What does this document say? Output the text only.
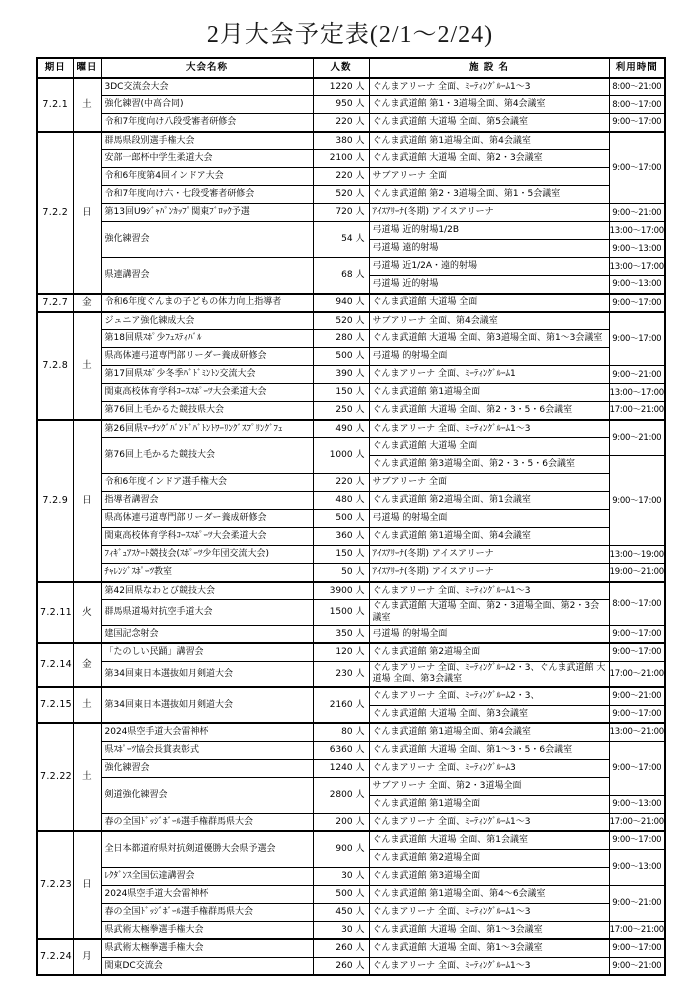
2月大会予定表(2/1～2/24)
期日	曜日	大会名称	人数	施 設 名	利用時間
7.2.1	土	3DC交流会大会	1220 人	ぐんまアリーナ 全面、ﾐｰﾃｨﾝｸﾞﾙｰﾑ1～3	8:00～21:00
		強化練習(中高合同)	950 人	ぐんま武道館 第1・3道場全面、第4会議室	8:00～17:00
		令和7年度向け八段受審者研修会	220 人	ぐんま武道館 大道場 全面、第5会議室	9:00～17:00
7.2.2	日	群馬県段別選手権大会	380 人	ぐんま武道館 第1道場全面、第4会議室	9:00～17:00
		安部一郎杯中学生柔道大会	2100 人	ぐんま武道館 大道場 全面、第2・3会議室	
		令和6年度第4回インドア大会	220 人	サブアリーナ 全面	
		令和7年度向け六・七段受審者研修会	520 人	ぐんま武道館 第2・3道場全面、第1・5会議室	
		第13回U9ｼﾞｬﾊﾟﾝｶｯﾌﾟ関東ﾌﾞﾛｯｸ予選	720 人	ｱｲｽｱﾘｰﾅ(冬期) アイスアリーナ	9:00～21:00
		強化練習会	54 人	弓道場 近的射場1/2B	13:00～17:00
				弓道場 遠的射場	9:00～13:00
		県連講習会	68 人	弓道場 近1/2A・遠的射場	13:00～17:00
				弓道場 近的射場	9:00～13:00
7.2.7	金	令和6年度ぐんまの子どもの体力向上指導者	940 人	ぐんま武道館 大道場 全面	9:00～17:00
7.2.8	土	ジュニア強化練成大会	520 人	サブアリーナ 全面、第4会議室	9:00～17:00
		第18回県ｽﾎﾟ少ﾌｪｽﾃｨﾊﾞﾙ	280 人	ぐんま武道館 大道場 全面、第3道場全面、第1～3会議室	
		県高体連弓道専門部リーダー養成研修会	500 人	弓道場 的射場全面	
		第17回県ｽﾎﾟ少冬季ﾊﾞﾄﾞﾐﾝﾄﾝ交流大会	390 人	ぐんまアリーナ 全面、ﾐｰﾃｨﾝｸﾞﾙｰﾑ1	9:00～21:00
		関東高校体育学科ｺｰｽｽﾎﾟｰﾂ大会柔道大会	150 人	ぐんま武道館 第1道場全面	13:00～17:00
		第76回上毛かるた競技県大会	250 人	ぐんま武道館 大道場 全面、第2・3・5・6会議室	17:00～21:00
7.2.9	日	第26回県ﾏｰﾁﾝｸﾞﾊﾞﾝﾄﾞﾊﾞﾄﾝﾄﾜｰﾘﾝｸﾞｽﾌﾟﾘﾝｸﾞﾌｪ	490 人	ぐんまアリーナ 全面、ﾐｰﾃｨﾝｸﾞﾙｰﾑ1～3	9:00～21:00
		第76回上毛かるた競技大会	1000 人	ぐんま武道館 大道場 全面	
				ぐんま武道館 第3道場全面、第2・3・5・6会議室	9:00～17:00
		令和6年度インドア選手権大会	220 人	サブアリーナ 全面	
		指導者講習会	480 人	ぐんま武道館 第2道場全面、第1会議室	
		県高体連弓道専門部リーダー養成研修会	500 人	弓道場 的射場全面	
		関東高校体育学科ｺｰｽｽﾎﾟｰﾂ大会柔道大会	360 人	ぐんま武道館 第1道場全面、第4会議室	
		ﾌｨｷﾞｭｱｽｹｰﾄ競技会(ｽﾎﾟｰﾂ少年団交流大会)	150 人	ｱｲｽｱﾘｰﾅ(冬期) アイスアリーナ	13:00～19:00
		ﾁｬﾚﾝｼﾞｽﾎﾟｰﾂ教室	50 人	ｱｲｽｱﾘｰﾅ(冬期) アイスアリーナ	19:00～21:00
7.2.11	火	第42回県なわとび競技大会	3900 人	ぐんまアリーナ 全面、ﾐｰﾃｨﾝｸﾞﾙｰﾑ1～3	8:00～17:00
		群馬県道場対抗空手道大会	1500 人	ぐんま武道館 大道場 全面、第2・3道場全面、第2・3会議室	
		建国記念射会	350 人	弓道場 的射場全面	9:00～17:00
7.2.14	金	「たのしい民踊」講習会	120 人	ぐんま武道館 第2道場全面	9:00～17:00
		第34回東日本選抜如月剣道大会	230 人	ぐんまアリーナ 全面、ﾐｰﾃｨﾝｸﾞﾙｰﾑ2・3、ぐんま武道館 大道場 全面、第3会議室	17:00～21:00
7.2.15	土	第34回東日本選抜如月剣道大会	2160 人	ぐんまアリーナ 全面、ﾐｰﾃｨﾝｸﾞﾙｰﾑ2・3、	9:00～21:00
				ぐんま武道館 大道場 全面、第3会議室	9:00～17:00
7.2.22	土	2024県空手道大会雷神杯	80 人	ぐんま武道館 第1道場全面、第4会議室	13:00～21:00
		県ｽﾎﾟｰﾂ協会長賞表彰式	6360 人	ぐんま武道館 大道場 全面、第1～3・5・6会議室	9:00～17:00
		強化練習会	1240 人	ぐんまアリーナ 全面、ﾐｰﾃｨﾝｸﾞﾙｰﾑ3	
		剣道強化練習会	2800 人	サブアリーナ 全面、第2・3道場全面	
				ぐんま武道館 第1道場全面	9:00～13:00
		春の全国ﾄﾞｯｼﾞﾎﾞｰﾙ選手権群馬県大会	200 人	ぐんまアリーナ 全面、ﾐｰﾃｨﾝｸﾞﾙｰﾑ1～3	17:00～21:00
7.2.23	日	全日本都道府県対抗剣道優勝大会県予選会	900 人	ぐんま武道館 大道場 全面、第1会議室	9:00～17:00
				ぐんま武道館 第2道場全面	9:00～13:00
		ﾚｸﾀﾞﾝｽ全国伝達講習会	30 人	ぐんま武道館 第3道場全面	
		2024県空手道大会雷神杯	500 人	ぐんま武道館 第1道場全面、第4～6会議室	9:00～21:00
		春の全国ﾄﾞｯｼﾞﾎﾞｰﾙ選手権群馬県大会	450 人	ぐんまアリーナ 全面、ﾐｰﾃｨﾝｸﾞﾙｰﾑ1～3	
		県武術太極拳選手権大会	30 人	ぐんま武道館 大道場 全面、第1～3会議室	17:00～21:00
7.2.24	月	県武術太極拳選手権大会	260 人	ぐんま武道館 大道場 全面、第1～3会議室	9:00～17:00
		関東DC交流会	260 人	ぐんまアリーナ 全面、ﾐｰﾃｨﾝｸﾞﾙｰﾑ1～3	9:00～21:00
